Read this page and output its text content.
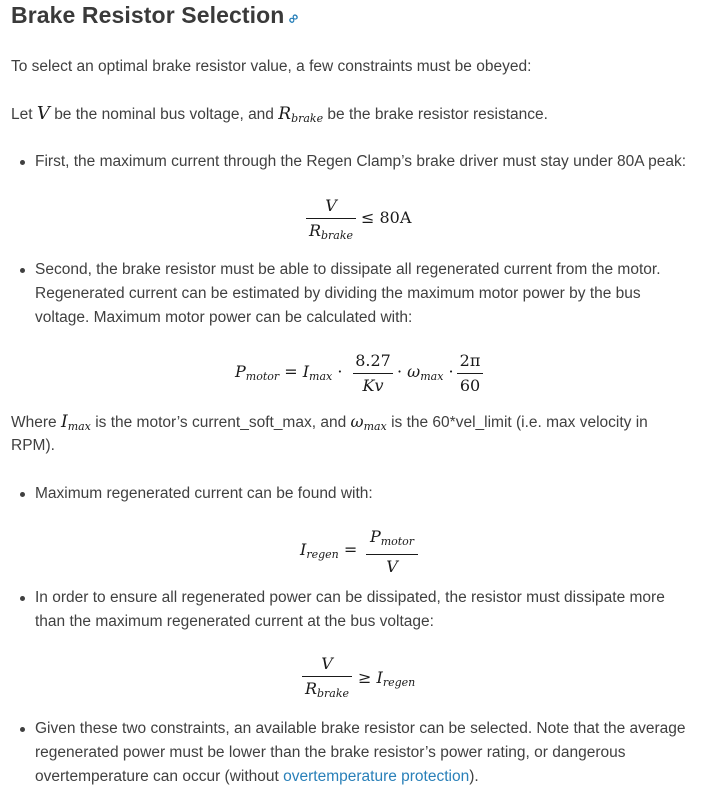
Brake Resistor Selection∞
To select an optimal brake resistor value, a few constraints must be obeyed:
Let V be the nominal bus voltage, and $R_{brake}$ be the brake resistor resistance.
First, the maximum current through the Regen Clamp’s brake driver must stay under 80A peak:
V
$R_{brake}$
≤ 80A
Second, the brake resistor must be able to dissipate all regenerated current from the motor.
Regenerated current can be estimated by dividing the maximum motor power by the bus
voltage. Maximum motor power can be calculated with:
$P_{motor} = I_{max}$ ·
8.27
Kv
· $\omega_{max}$ ·
2π
60
Where $I_{max}$ is the motor’s current_soft_max, and $\omega_{max}$ is the 60*vel_limit (i.e. max velocity in
RPM).
Maximum regenerated current can be found with:
$I_{regen}$ =
$P_{motor}$
V
In order to ensure all regenerated power can be dissipated, the resistor must dissipate more
than the maximum regenerated current at the bus voltage:
V
$R_{brake}$
≥ $I_{regen}$
Given these two constraints, an available brake resistor can be selected. Note that the average
regenerated power must be lower than the brake resistor’s power rating, or dangerous
overtemperature can occur (without overtemperature protection).
